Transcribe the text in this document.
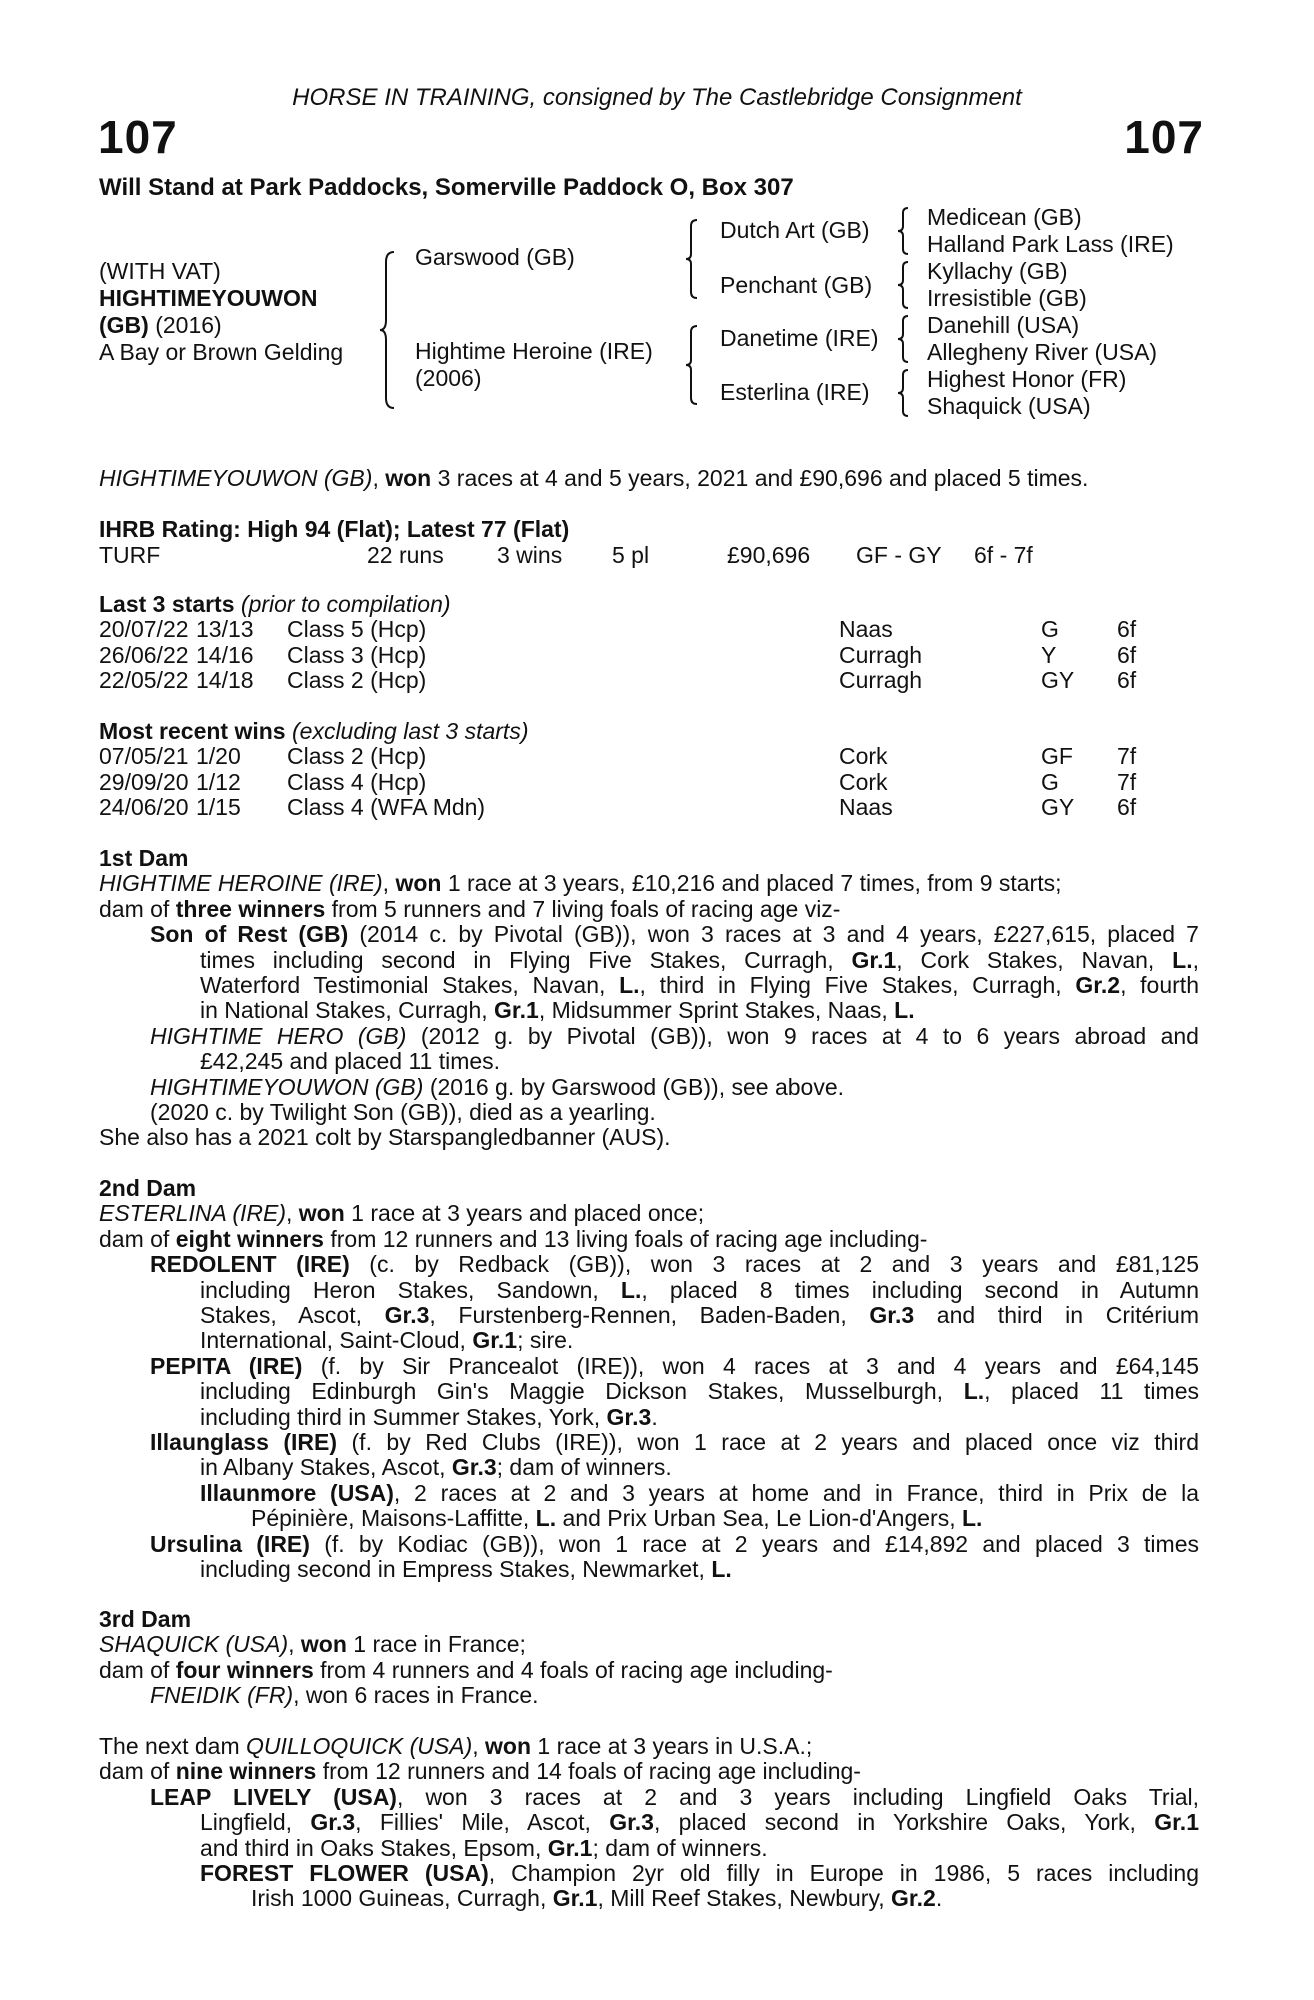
HORSE IN TRAINING, consigned by The Castlebridge Consignment
107	107
Will Stand at Park Paddocks, Somerville Paddock O, Box 307
(WITH VAT)
HIGHTIMEYOUWON
(GB) (2016)
A Bay or Brown Gelding
Garswood (GB)
Hightime Heroine (IRE)
(2006)
Dutch Art (GB)
Penchant (GB)
Danetime (IRE)
Esterlina (IRE)
Medicean (GB)
Halland Park Lass (IRE)
Kyllachy (GB)
Irresistible (GB)
Danehill (USA)
Allegheny River (USA)
Highest Honor (FR)
Shaquick (USA)
HIGHTIMEYOUWON (GB), won 3 races at 4 and 5 years, 2021 and £90,696 and placed 5 times.
IHRB Rating: High 94 (Flat); Latest 77 (Flat)
TURF	22 runs 3 wins 5 pl	£90,696 GF - GY 6f - 7f
Last 3 starts (prior to compilation)
20/07/22 13/13 Class 5 (Hcp)	Naas	G	6f
26/06/22 14/16 Class 3 (Hcp)	Curragh	Y	6f
22/05/22 14/18 Class 2 (Hcp)	Curragh	GY 6f
Most recent wins (excluding last 3 starts)
07/05/21 1/20 Class 2 (Hcp)	Cork	GF 7f
29/09/20 1/12 Class 4 (Hcp)	Cork	G	7f
24/06/20 1/15 Class 4 (WFA Mdn)	Naas	GY 6f
1st Dam
HIGHTIME HEROINE (IRE), won 1 race at 3 years, £10,216 and placed 7 times, from 9 starts;
dam of three winners from 5 runners and 7 living foals of racing age viz-
Son of Rest (GB) (2014 c. by Pivotal (GB)), won 3 races at 3 and 4 years, £227,615, placed 7
times including second in Flying Five Stakes, Curragh, Gr.1, Cork Stakes, Navan, L.,
Waterford Testimonial Stakes, Navan, L., third in Flying Five Stakes, Curragh, Gr.2, fourth
in National Stakes, Curragh, Gr.1, Midsummer Sprint Stakes, Naas, L.
HIGHTIME HERO (GB) (2012 g. by Pivotal (GB)), won 9 races at 4 to 6 years abroad and
£42,245 and placed 11 times.
HIGHTIMEYOUWON (GB) (2016 g. by Garswood (GB)), see above.
(2020 c. by Twilight Son (GB)), died as a yearling.
She also has a 2021 colt by Starspangledbanner (AUS).
2nd Dam
ESTERLINA (IRE), won 1 race at 3 years and placed once;
dam of eight winners from 12 runners and 13 living foals of racing age including-
REDOLENT (IRE) (c. by Redback (GB)), won 3 races at 2 and 3 years and £81,125
including Heron Stakes, Sandown, L., placed 8 times including second in Autumn
Stakes, Ascot, Gr.3, Furstenberg-Rennen, Baden-Baden, Gr.3 and third in Critérium
International, Saint-Cloud, Gr.1; sire.
PEPITA (IRE) (f. by Sir Prancealot (IRE)), won 4 races at 3 and 4 years and £64,145
including Edinburgh Gin's Maggie Dickson Stakes, Musselburgh, L., placed 11 times
including third in Summer Stakes, York, Gr.3.
Illaunglass (IRE) (f. by Red Clubs (IRE)), won 1 race at 2 years and placed once viz third
in Albany Stakes, Ascot, Gr.3; dam of winners.
Illaunmore (USA), 2 races at 2 and 3 years at home and in France, third in Prix de la
Pépinière, Maisons-Laffitte, L. and Prix Urban Sea, Le Lion-d'Angers, L.
Ursulina (IRE) (f. by Kodiac (GB)), won 1 race at 2 years and £14,892 and placed 3 times
including second in Empress Stakes, Newmarket, L.
3rd Dam
SHAQUICK (USA), won 1 race in France;
dam of four winners from 4 runners and 4 foals of racing age including-
FNEIDIK (FR), won 6 races in France.
The next dam QUILLOQUICK (USA), won 1 race at 3 years in U.S.A.;
dam of nine winners from 12 runners and 14 foals of racing age including-
LEAP LIVELY (USA), won 3 races at 2 and 3 years including Lingfield Oaks Trial,
Lingfield, Gr.3, Fillies' Mile, Ascot, Gr.3, placed second in Yorkshire Oaks, York, Gr.1
and third in Oaks Stakes, Epsom, Gr.1; dam of winners.
FOREST FLOWER (USA), Champion 2yr old filly in Europe in 1986, 5 races including
Irish 1000 Guineas, Curragh, Gr.1, Mill Reef Stakes, Newbury, Gr.2.
